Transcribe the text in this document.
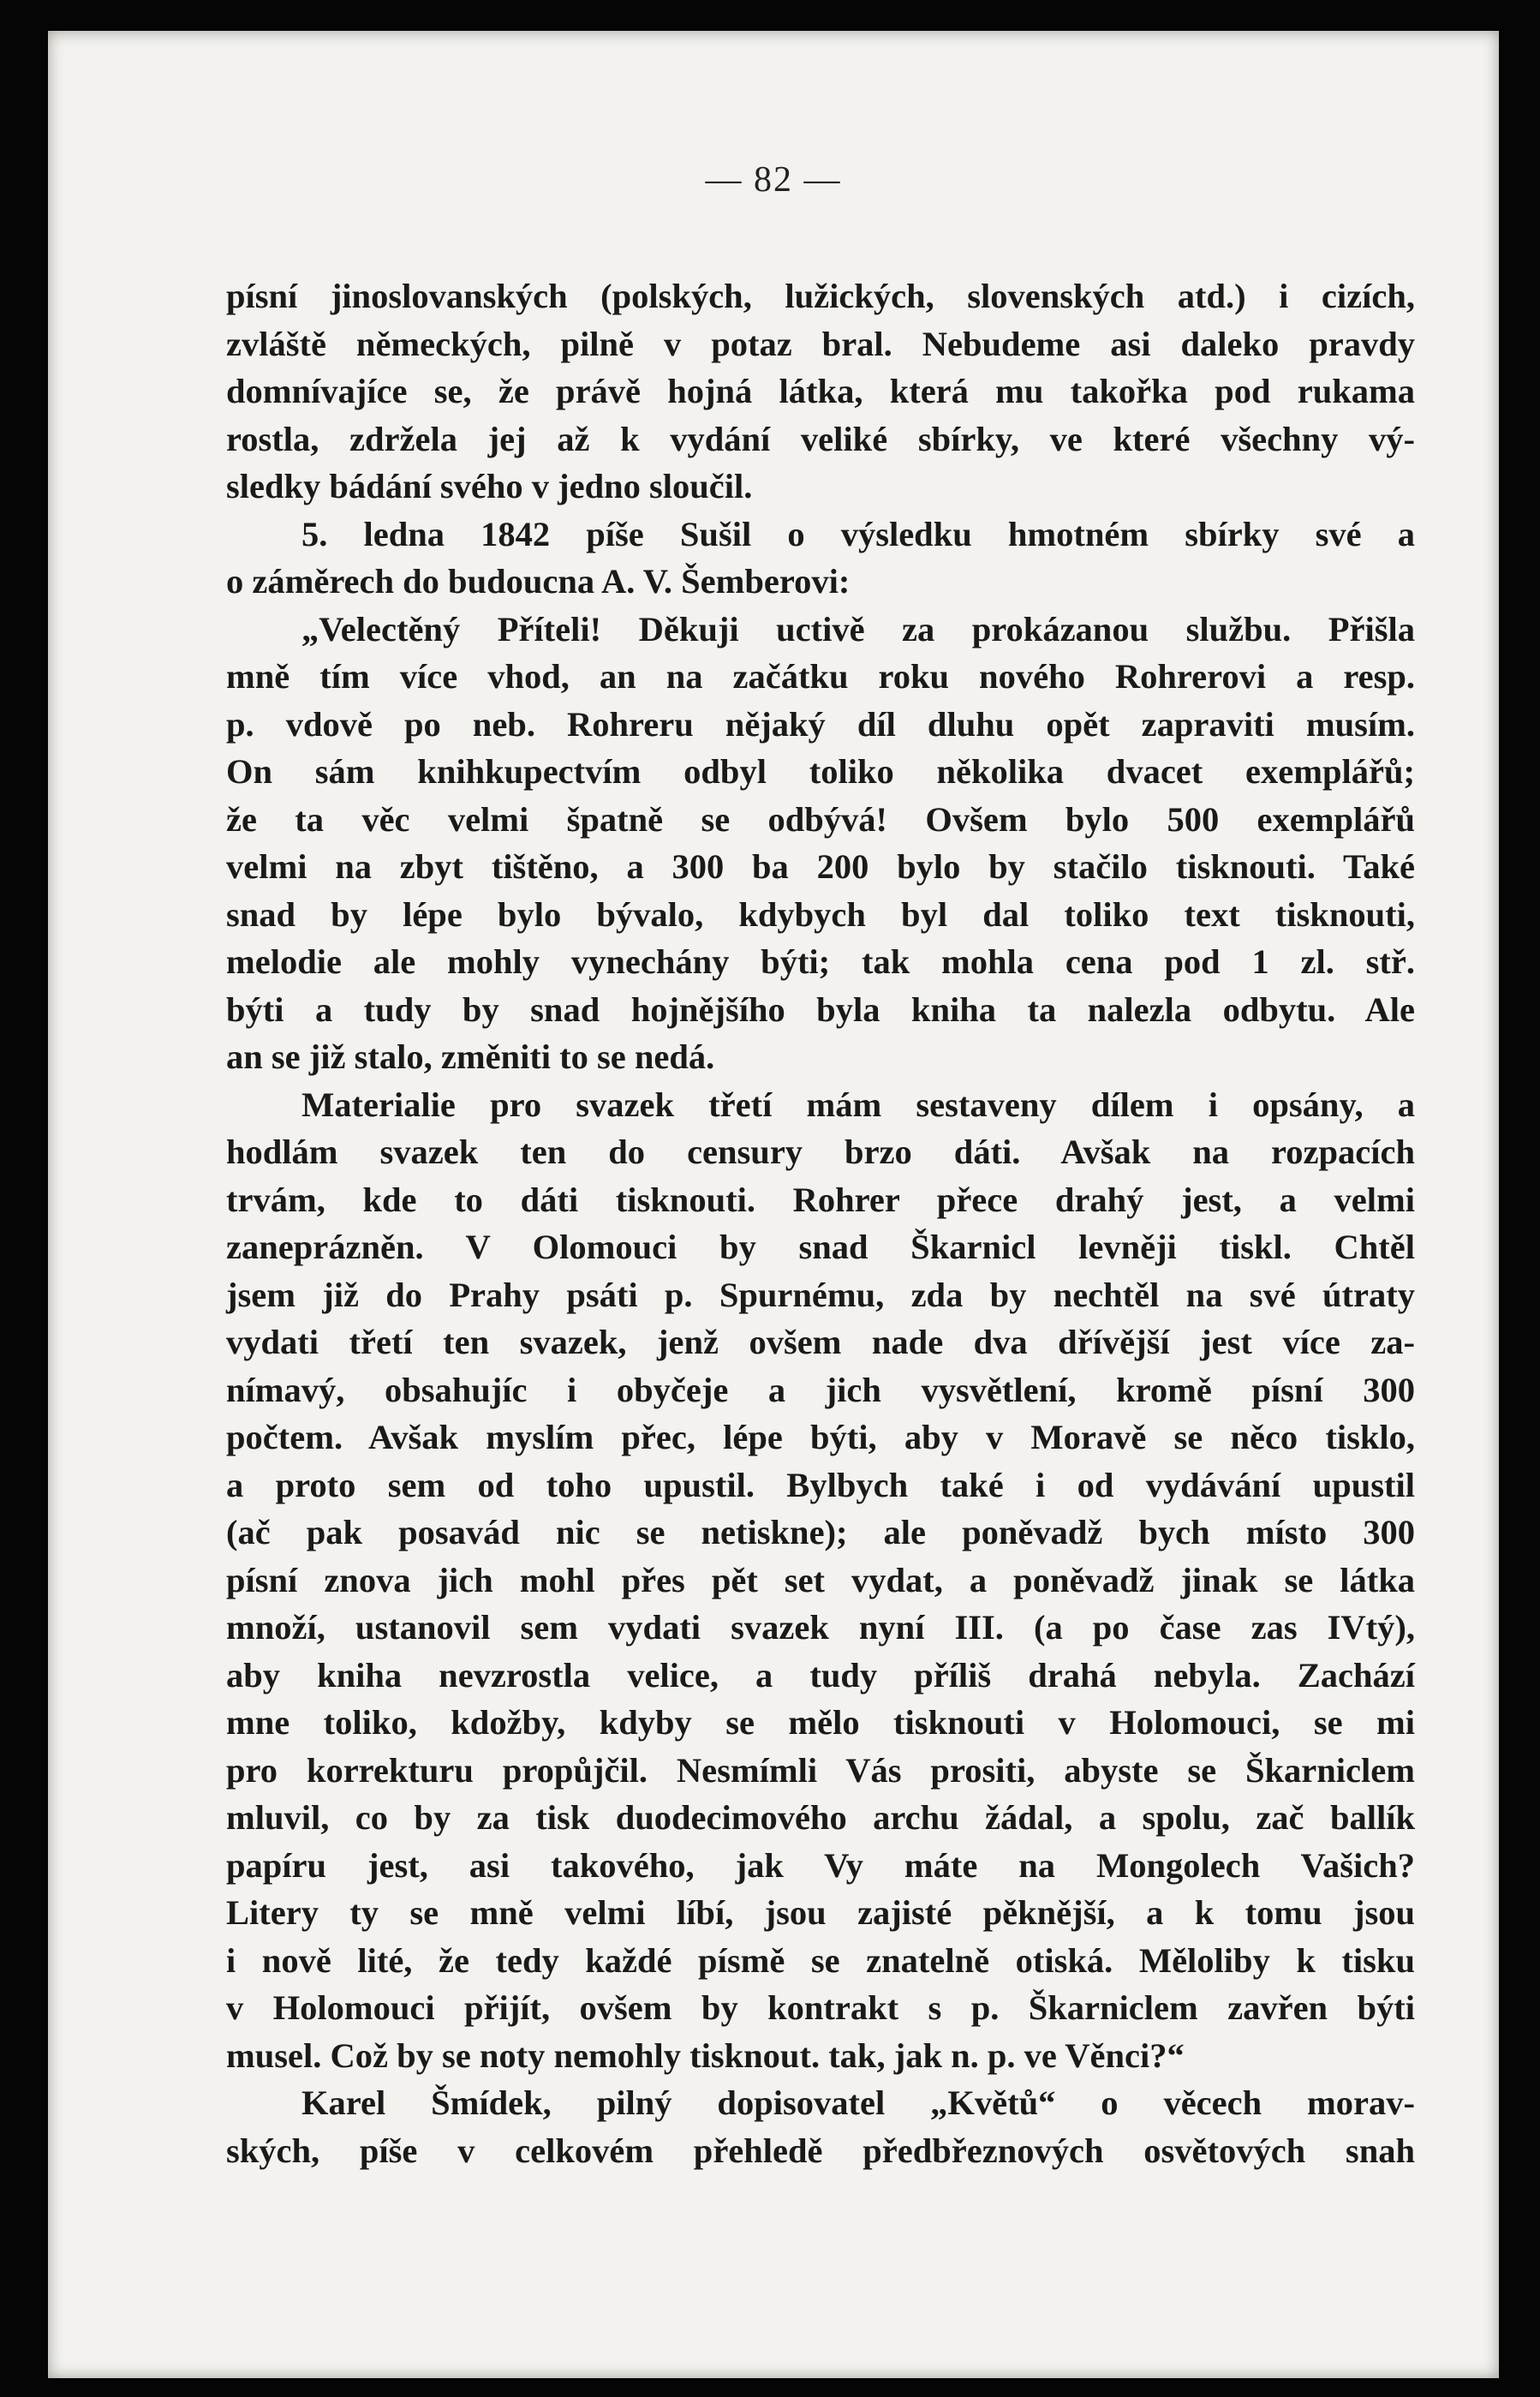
— 82 —
písní jinoslovanských (polských, lužických, slovenských atd.) i cizích,
zvláště německých, pilně v potaz bral. Nebudeme asi daleko pravdy
domnívajíce se, že právě hojná látka, která mu takořka pod rukama
rostla, zdržela jej až k vydání veliké sbírky, ve které všechny vý-
sledky bádání svého v jedno sloučil.
5. ledna 1842 píše Sušil o výsledku hmotném sbírky své a
o záměrech do budoucna A. V. Šemberovi:
„Velectěný Příteli! Děkuji uctivě za prokázanou službu. Přišla
mně tím více vhod, an na začátku roku nového Rohrerovi a resp.
p. vdově po neb. Rohreru nějaký díl dluhu opět zapraviti musím.
On sám knihkupectvím odbyl toliko několika dvacet exemplářů;
že ta věc velmi špatně se odbývá! Ovšem bylo 500 exemplářů
velmi na zbyt tištěno, a 300 ba 200 bylo by stačilo tisknouti. Také
snad by lépe bylo bývalo, kdybych byl dal toliko text tisknouti,
melodie ale mohly vynechány býti; tak mohla cena pod 1 zl. stř.
býti a tudy by snad hojnějšího byla kniha ta nalezla odbytu. Ale
an se již stalo, změniti to se nedá.
Materialie pro svazek třetí mám sestaveny dílem i opsány, a
hodlám svazek ten do censury brzo dáti. Avšak na rozpacích
trvám, kde to dáti tisknouti. Rohrer přece drahý jest, a velmi
zaneprázněn. V Olomouci by snad Škarnicl levněji tiskl. Chtěl
jsem již do Prahy psáti p. Spurnému, zda by nechtěl na své útraty
vydati třetí ten svazek, jenž ovšem nade dva dřívější jest více za-
nímavý, obsahujíc i obyčeje a jich vysvětlení, kromě písní 300
počtem. Avšak myslím přec, lépe býti, aby v Moravě se něco tisklo,
a proto sem od toho upustil. Bylbych také i od vydávání upustil
(ač pak posavád nic se netiskne); ale poněvadž bych místo 300
písní znova jich mohl přes pět set vydat, a poněvadž jinak se látka
množí, ustanovil sem vydati svazek nyní III. (a po čase zas IVtý),
aby kniha nevzrostla velice, a tudy příliš drahá nebyla. Zachází
mne toliko, kdožby, kdyby se mělo tisknouti v Holomouci, se mi
pro korrekturu propůjčil. Nesmímli Vás prositi, abyste se Škarniclem
mluvil, co by za tisk duodecimového archu žádal, a spolu, zač ballík
papíru jest, asi takového, jak Vy máte na Mongolech Vašich?
Litery ty se mně velmi líbí, jsou zajisté pěknější, a k tomu jsou
i nově lité, že tedy každé písmě se znatelně otiská. Měloliby k tisku
v Holomouci přijít, ovšem by kontrakt s p. Škarniclem zavřen býti
musel. Což by se noty nemohly tisknout. tak, jak n. p. ve Věnci?“
Karel Šmídek, pilný dopisovatel „Květů“ o věcech morav-
ských, píše v celkovém přehledě předbřeznových osvětových snah
